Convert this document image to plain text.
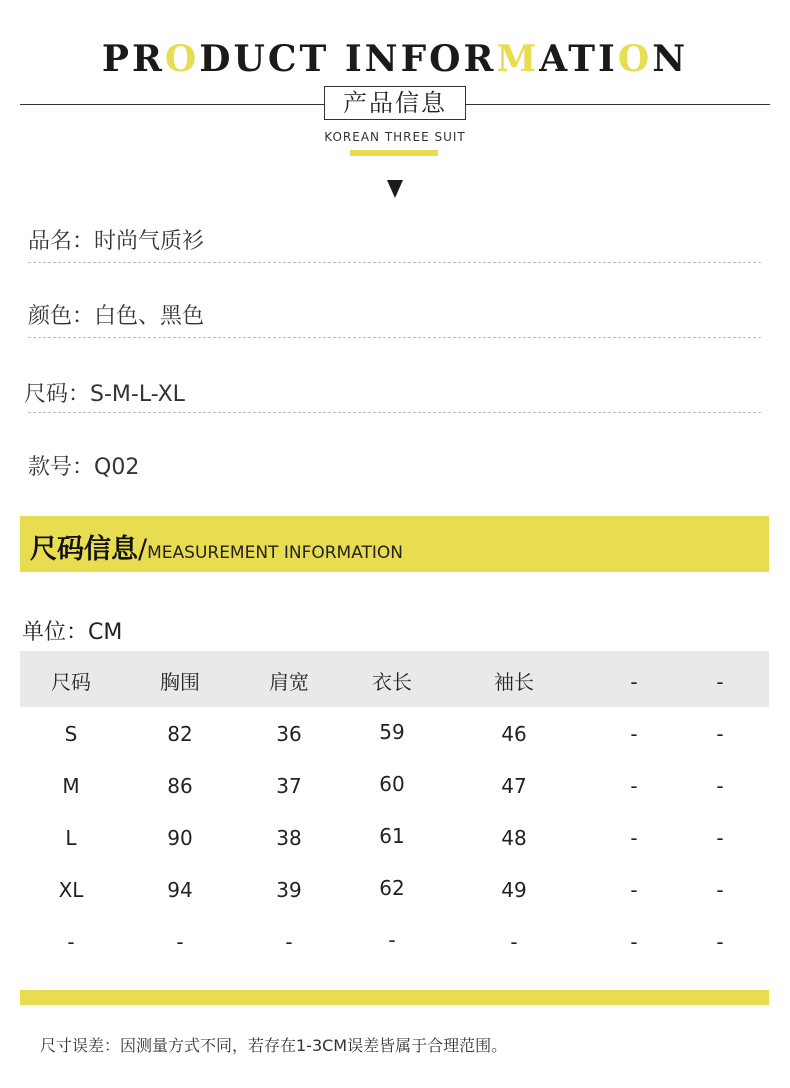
PRODUCT INFORMATION
产品信息
KOREAN THREE SUIT
品名：时尚气质衫
颜色：白色、黑色
尺码：S-M-L-XL
款号：Q02
尺码信息/MEASUREMENT INFORMATION
单位：CM
尺码	胸围	肩宽	衣长	袖长	-	-
S	82	36	59	46	-	-
M	86	37	60	47	-	-
L	90	38	61	48	-	-
XL	94	39	62	49	-	-
-	-	-	-	-	-	-
尺寸误差：因测量方式不同，若存在1-3CM误差皆属于合理范围。
